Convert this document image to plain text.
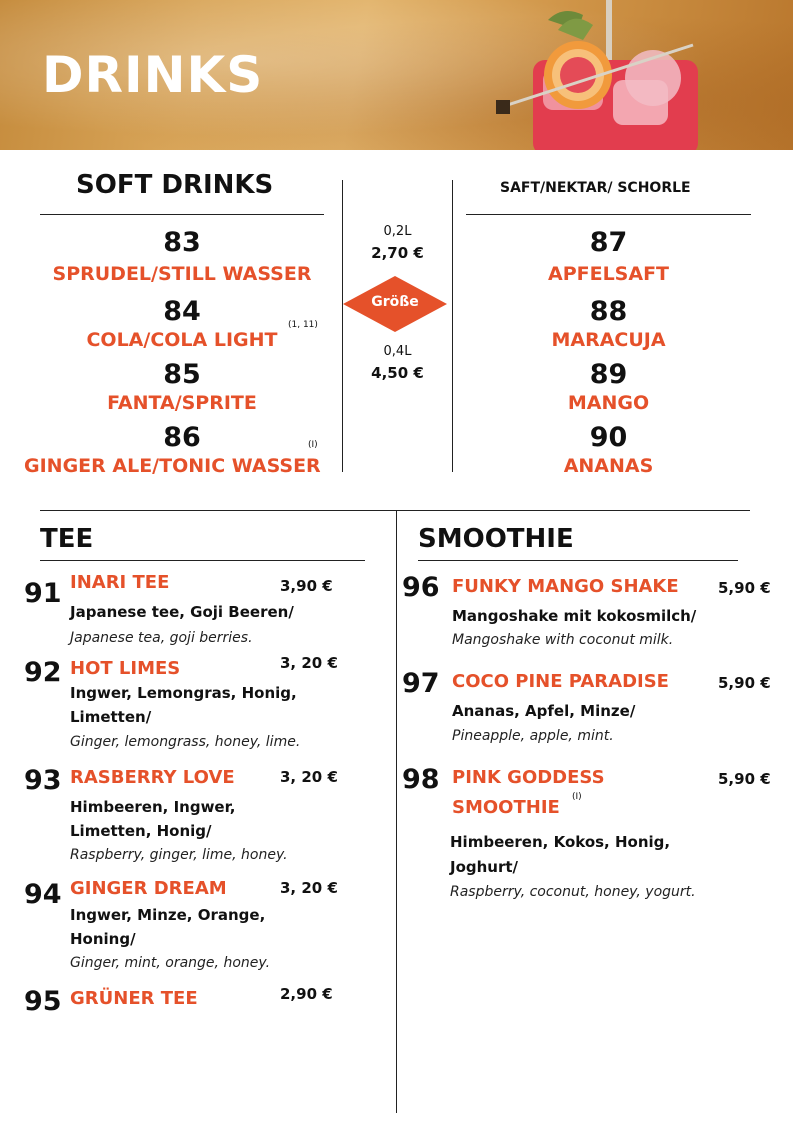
DRINKS
SOFT DRINKS
83
SPRUDEL/STILL WASSER
84
COLA/COLA LIGHT
(1, 11)
85
FANTA/SPRITE
86
GINGER ALE/TONIC WASSER
(I)
0,2L
2,70 €
Größe
0,4L
4,50 €
SAFT/NEKTAR/ SCHORLE
87
APFELSAFT
88
MARACUJA
89
MANGO
90
ANANAS
TEE
91 INARI TEE	3,90 €
Japanese tee, Goji Beeren/
Japanese tea, goji berries.
92 HOT LIMES	3, 20 €
Ingwer, Lemongras, Honig,
Limetten/
Ginger, lemongrass, honey, lime.
93 RASBERRY LOVE	3, 20 €
Himbeeren, Ingwer,
Limetten, Honig/
Raspberry, ginger, lime, honey.
94 GINGER DREAM	3, 20 €
Ingwer, Minze, Orange,
Honing/
Ginger, mint, orange, honey.
95 GRÜNER TEE	2,90 €
SMOOTHIE
96 FUNKY MANGO SHAKE	5,90 €
Mangoshake mit kokosmilch/
Mangoshake with coconut milk.
97 COCO PINE PARADISE	5,90 €
Ananas, Apfel, Minze/
Pineapple, apple, mint.
98 PINK GODDESS
SMOOTHIE (I)
5,90 €
Himbeeren, Kokos, Honig,
Joghurt/
Raspberry, coconut, honey, yogurt.
